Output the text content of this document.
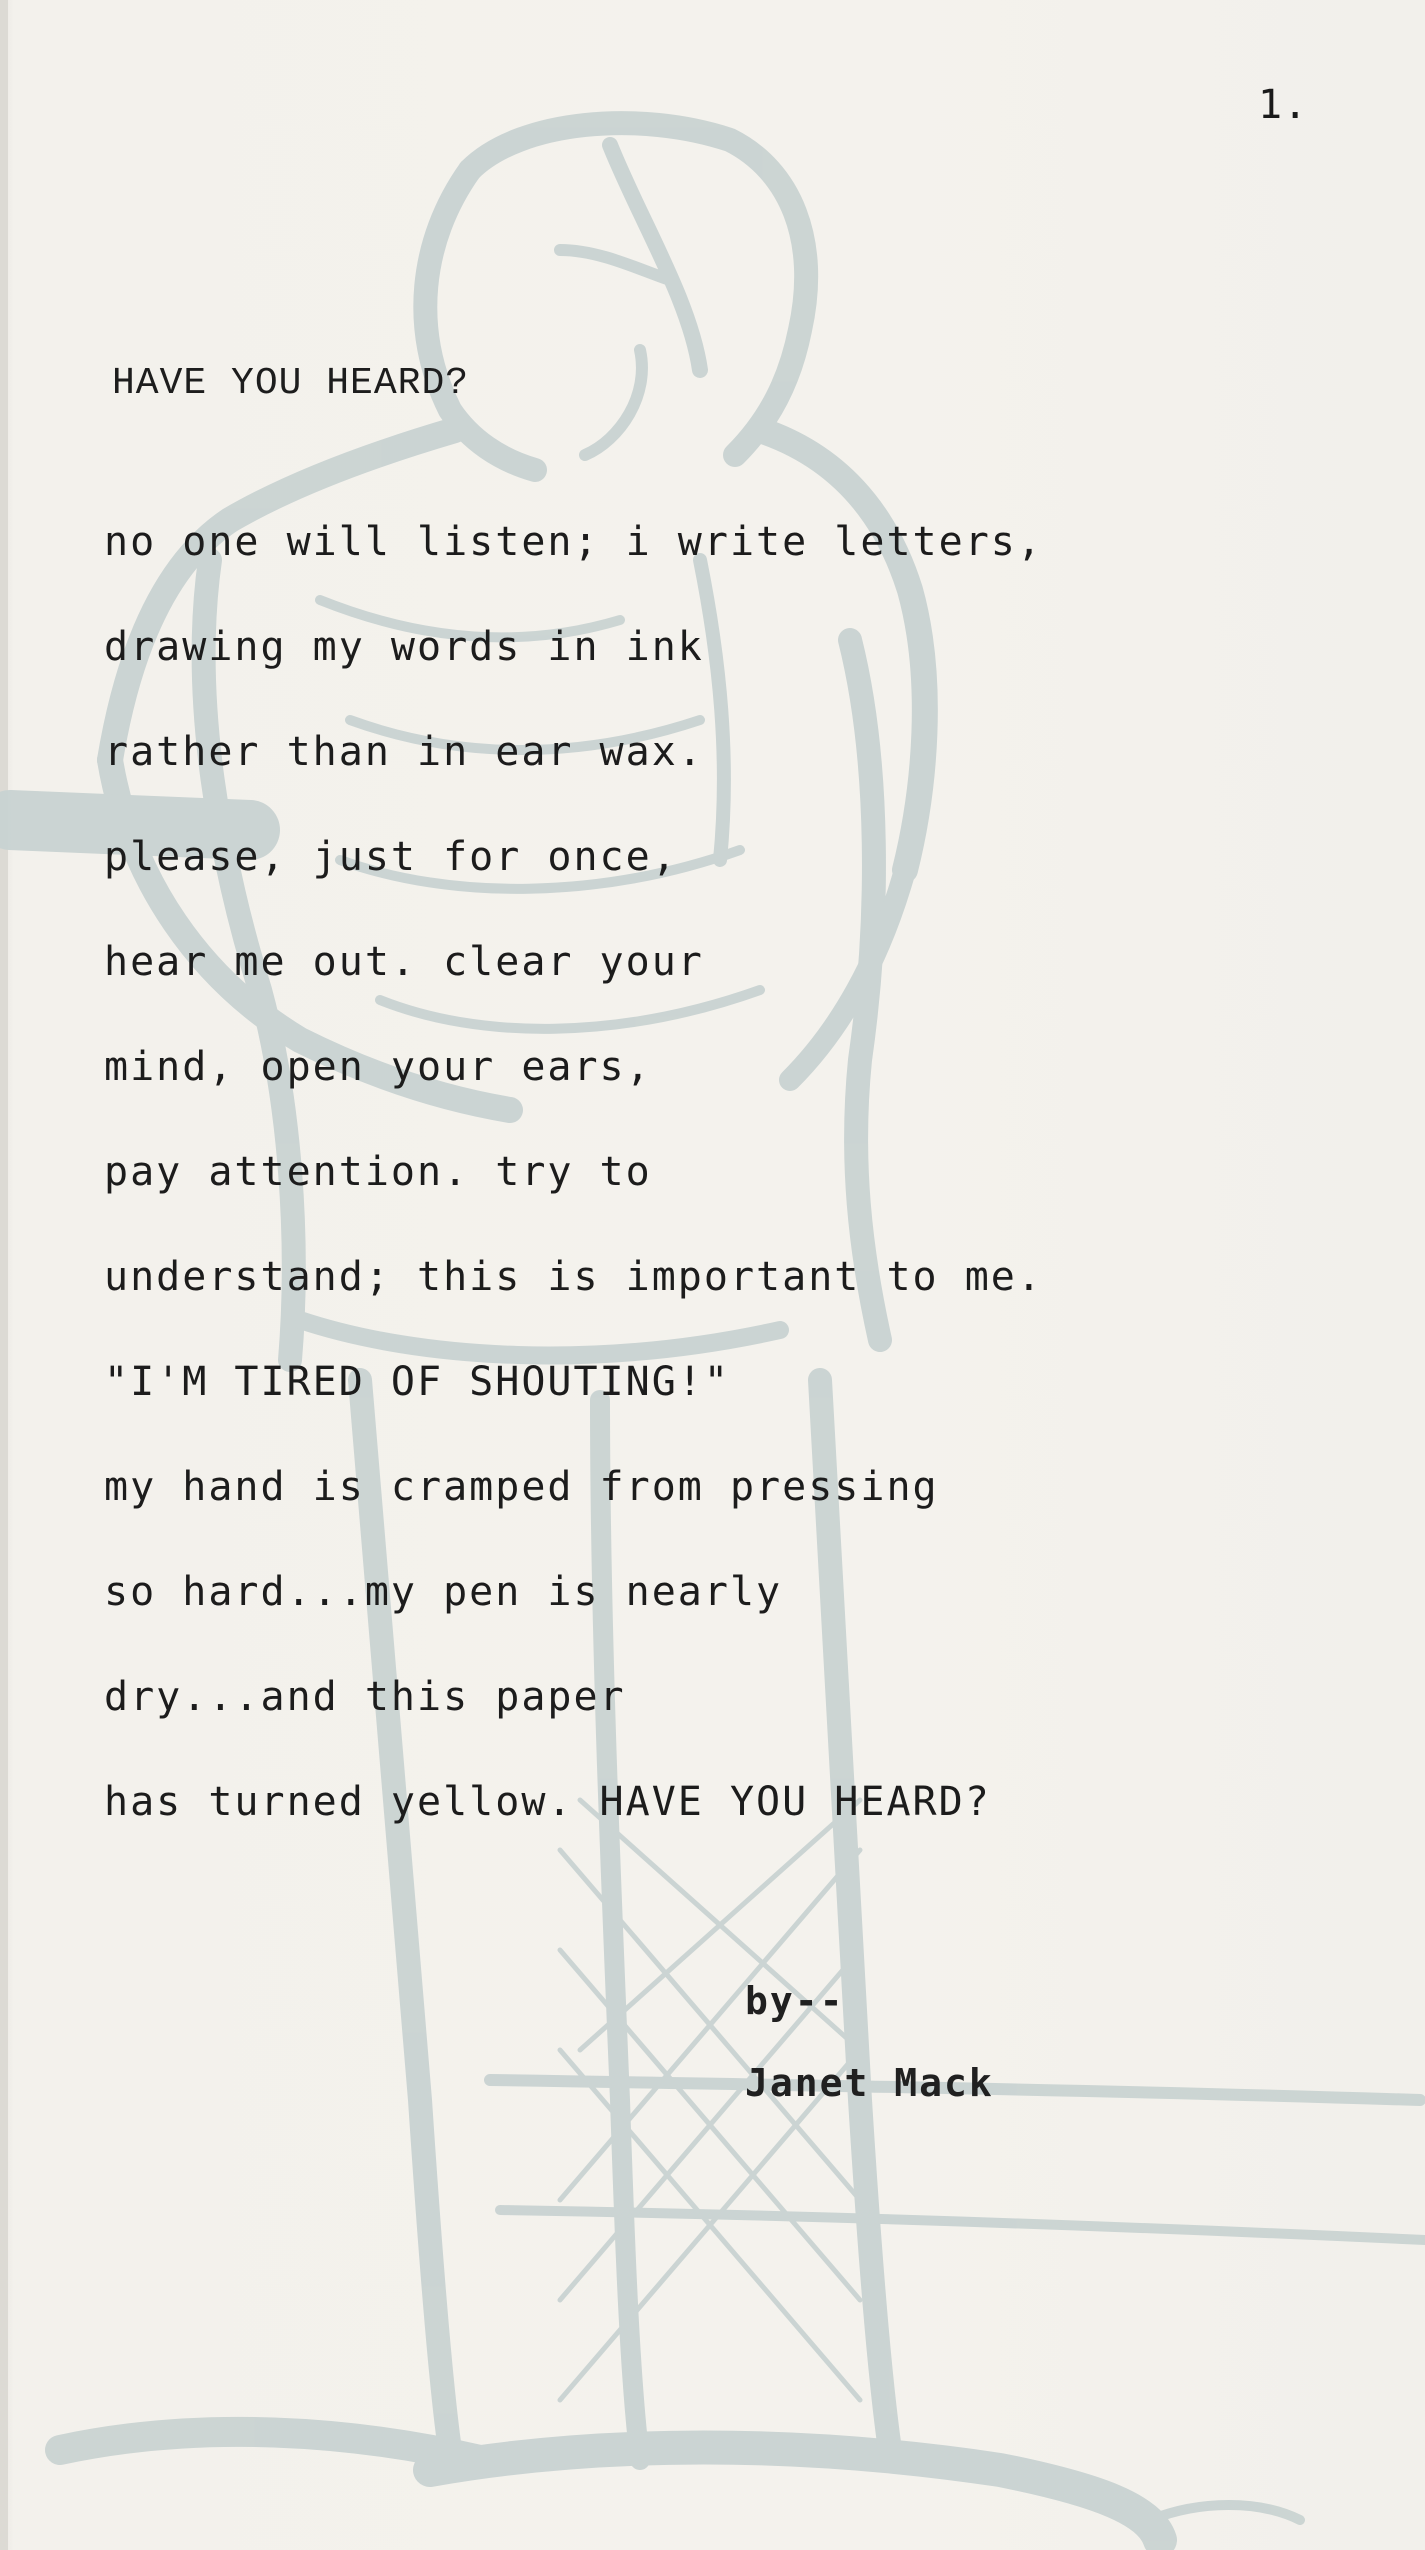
1.
HAVE YOU HEARD?
no one will listen; i write letters,
drawing my words in ink
rather than in ear wax.
please, just for once,
hear me out. clear your
mind, open your ears,
pay attention. try to
understand; this is important to me.
"I'M TIRED OF SHOUTING!"
my hand is cramped from pressing
so hard...my pen is nearly
dry...and this paper
has turned yellow. HAVE YOU HEARD?
by--
Janet Mack
